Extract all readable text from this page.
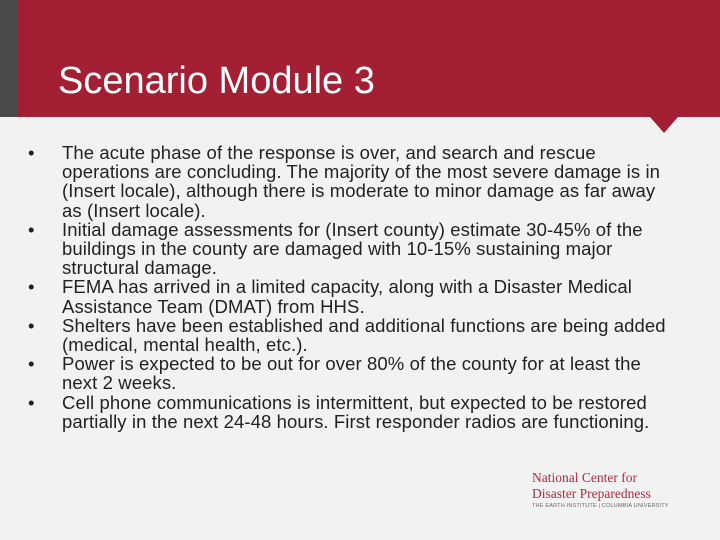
Scenario Module 3
• The acute phase of the response is over, and search and rescue operations are concluding. The majority of the most severe damage is in (Insert locale), although there is moderate to minor damage as far away as (Insert locale).
• Initial damage assessments for (Insert county) estimate 30-45% of the buildings in the county are damaged with 10-15% sustaining major structural damage.
• FEMA has arrived in a limited capacity, along with a Disaster Medical Assistance Team (DMAT) from HHS.
• Shelters have been established and additional functions are being added (medical, mental health, etc.).
• Power is expected to be out for over 80% of the county for at least the next 2 weeks.
• Cell phone communications is intermittent, but expected to be restored partially in the next 24-48 hours. First responder radios are functioning.
National Center for
Disaster Preparedness
THE EARTH INSTITUTE | COLUMBIA UNIVERSITY
